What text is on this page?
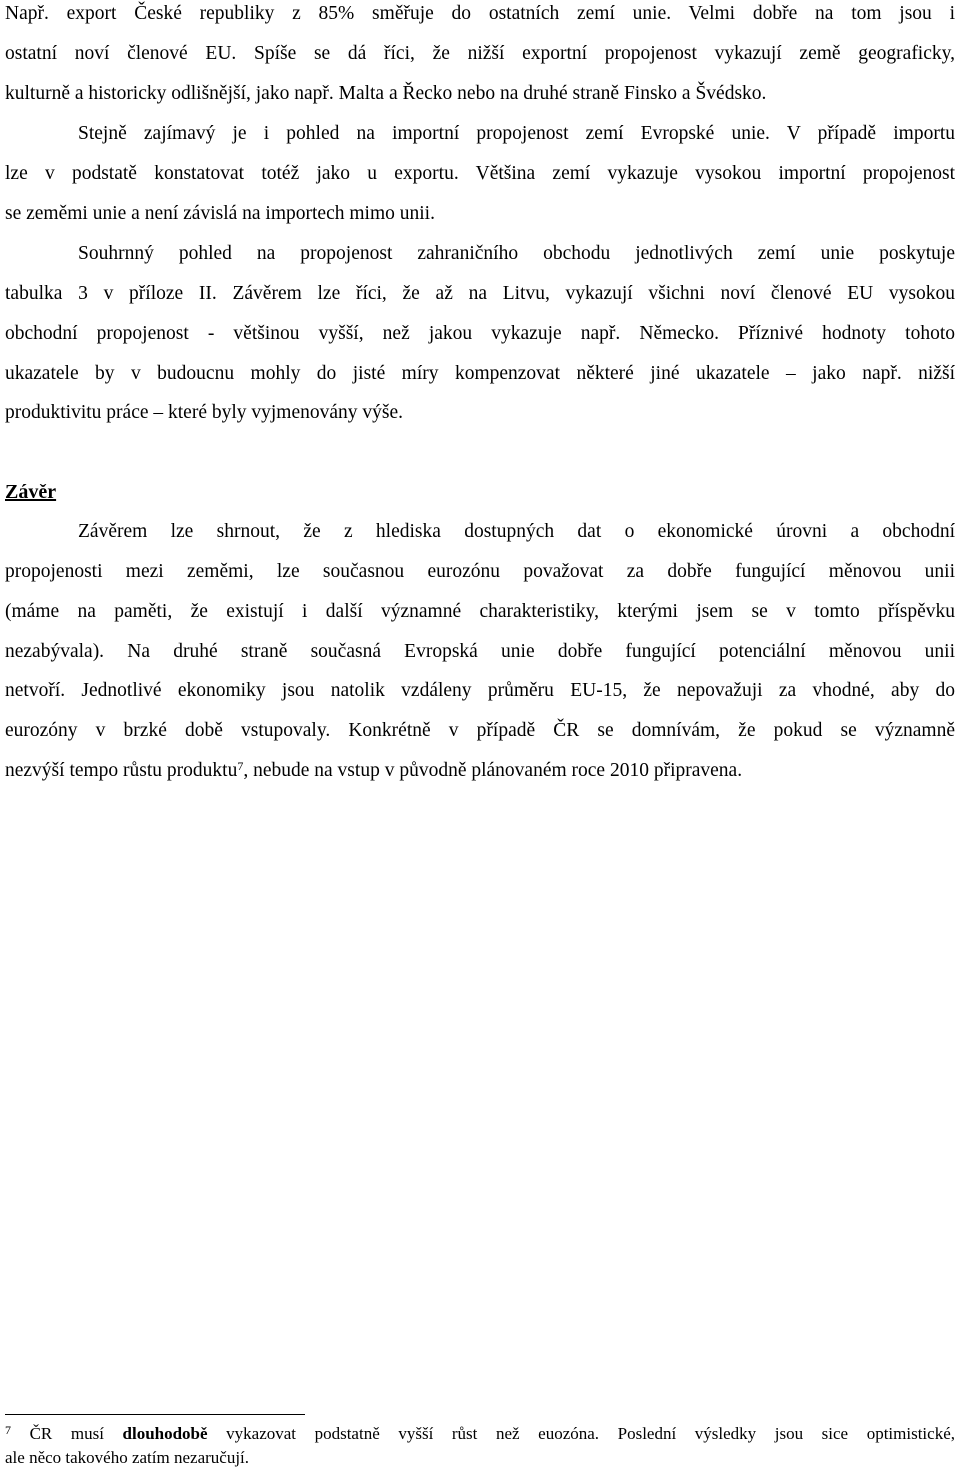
Např. export České republiky z 85% směřuje do ostatních zemí unie. Velmi dobře na tom jsou i
ostatní noví členové EU. Spíše se dá říci, že nižší exportní propojenost vykazují země geograficky,
kulturně a historicky odlišnější, jako např. Malta a Řecko nebo na druhé straně Finsko a Švédsko.
Stejně zajímavý je i pohled na importní propojenost zemí Evropské unie. V případě importu
lze v podstatě konstatovat totéž jako u exportu. Většina zemí vykazuje vysokou importní propojenost
se zeměmi unie a není závislá na importech mimo unii.
Souhrnný pohled na propojenost zahraničního obchodu jednotlivých zemí unie poskytuje
tabulka 3 v příloze II. Závěrem lze říci, že až na Litvu, vykazují všichni noví členové EU vysokou
obchodní propojenost - většinou vyšší, než jakou vykazuje např. Německo. Příznivé hodnoty tohoto
ukazatele by v budoucnu mohly do jisté míry kompenzovat některé jiné ukazatele – jako např. nižší
produktivitu práce – které byly vyjmenovány výše.
Závěr
Závěrem lze shrnout, že z hlediska dostupných dat o ekonomické úrovni a obchodní
propojenosti mezi zeměmi, lze současnou eurozónu považovat za dobře fungující měnovou unii
(máme na paměti, že existují i další významné charakteristiky, kterými jsem se v tomto příspěvku
nezabývala). Na druhé straně současná Evropská unie dobře fungující potenciální měnovou unii
netvoří. Jednotlivé ekonomiky jsou natolik vzdáleny průměru EU-15, že nepovažuji za vhodné, aby do
eurozóny v brzké době vstupovaly. Konkrétně v případě ČR se domnívám, že pokud se významně
nezvýší tempo růstu produktu$^7$, nebude na vstup v původně plánovaném roce 2010 připravena.
$^7$ ČR musí dlouhodobě vykazovat podstatně vyšší růst než euozóna. Poslední výsledky jsou sice optimistické,
ale něco takového zatím nezaručují.
